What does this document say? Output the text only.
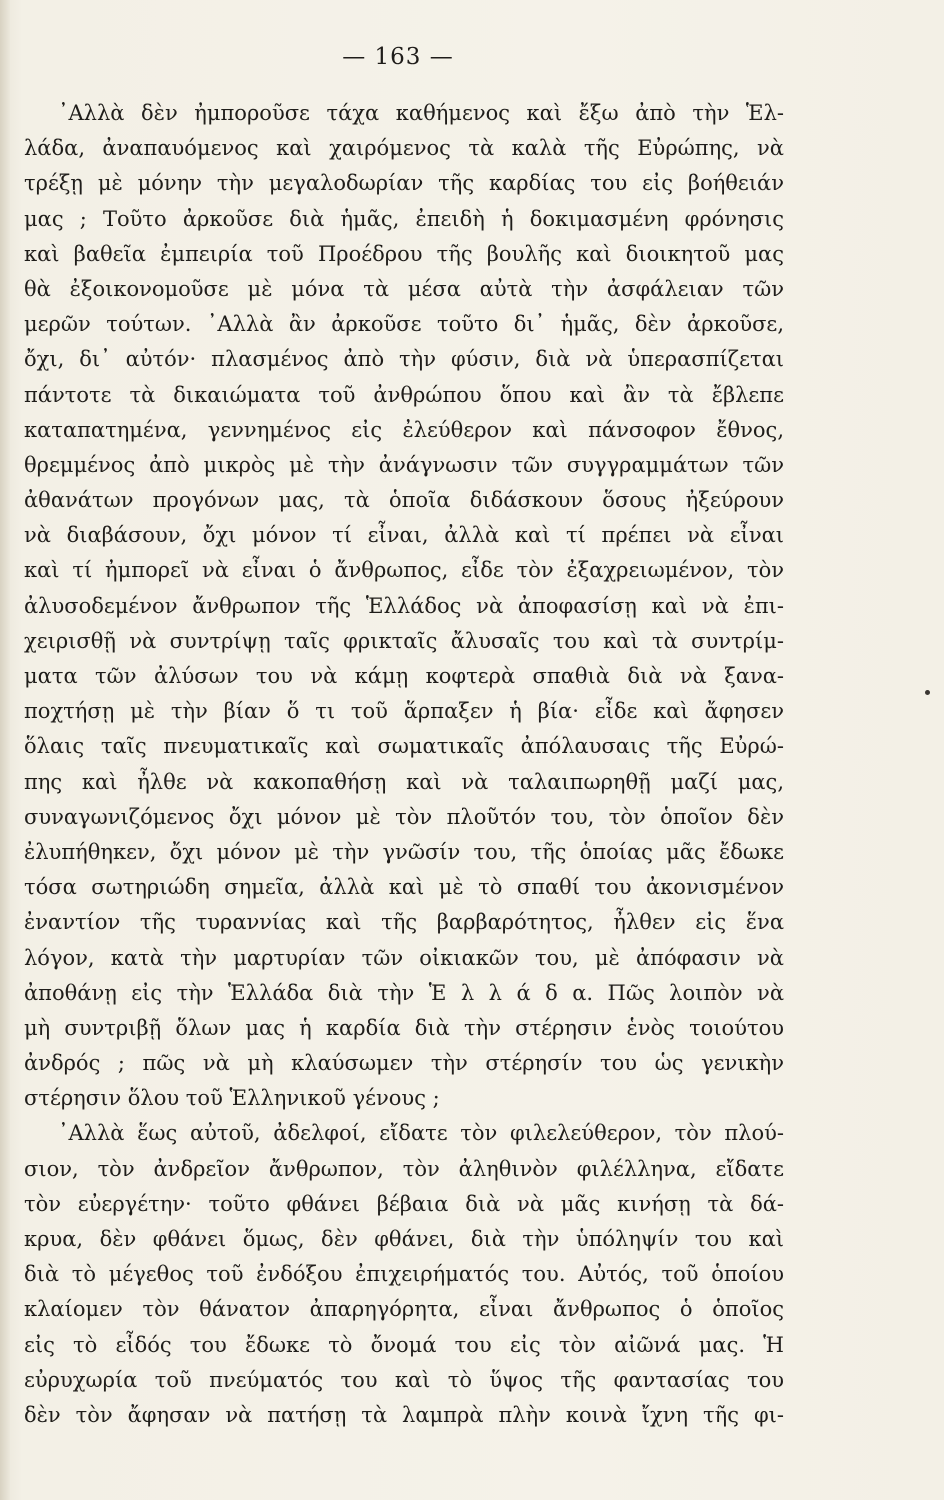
— 163 —
᾿Αλλὰ δὲν ἠμποροῦσε τάχα καθήμενος καὶ ἔξω ἀπὸ τὴν Ἑλ-
λάδα, ἀναπαυόμενος καὶ χαιρόμενος τὰ καλὰ τῆς Εὐρώπης, νὰ
τρέξῃ μὲ μόνην τὴν μεγαλοδωρίαν τῆς καρδίας του εἰς βοήθειάν
μας ; Τοῦτο ἀρκοῦσε διὰ ἡμᾶς, ἐπειδὴ ἡ δοκιμασμένη φρόνησις
καὶ βαθεῖα ἐμπειρία τοῦ Προέδρου τῆς βουλῆς καὶ διοικητοῦ μας
θὰ ἐξοικονομοῦσε μὲ μόνα τὰ μέσα αὐτὰ τὴν ἀσφάλειαν τῶν
μερῶν τούτων. ᾿Αλλὰ ἂν ἀρκοῦσε τοῦτο δι᾿ ἡμᾶς, δὲν ἀρκοῦσε,
ὄχι, δι᾿ αὐτόν· πλασμένος ἀπὸ τὴν φύσιν, διὰ νὰ ὑπερασπίζεται
πάντοτε τὰ δικαιώματα τοῦ ἀνθρώπου ὅπου καὶ ἂν τὰ ἔβλεπε
καταπατημένα, γεννημένος εἰς ἐλεύθερον καὶ πάνσοφον ἔθνος,
θρεμμένος ἀπὸ μικρὸς μὲ τὴν ἀνάγνωσιν τῶν συγγραμμάτων τῶν
ἀθανάτων προγόνων μας, τὰ ὁποῖα διδάσκουν ὅσους ἠξεύρουν
νὰ διαβάσουν, ὄχι μόνον τί εἶναι, ἀλλὰ καὶ τί πρέπει νὰ εἶναι
καὶ τί ἠμπορεῖ νὰ εἶναι ὁ ἄνθρωπος, εἶδε τὸν ἐξαχρειωμένον, τὸν
ἀλυσοδεμένον ἄνθρωπον τῆς Ἑλλάδος νὰ ἀποφασίσῃ καὶ νὰ ἐπι-
χειρισθῇ νὰ συντρίψῃ ταῖς φρικταῖς ἄλυσαῖς του καὶ τὰ συντρίμ-
ματα τῶν ἀλύσων του νὰ κάμῃ κοφτερὰ σπαθιὰ διὰ νὰ ξανα-
ποχτήσῃ μὲ τὴν βίαν ὅ τι τοῦ ἅρπαξεν ἡ βία· εἶδε καὶ ἄφησεν
ὅλαις ταῖς πνευματικαῖς καὶ σωματικαῖς ἀπόλαυσαις τῆς Εὐρώ-
πης καὶ ἦλθε νὰ κακοπαθήσῃ καὶ νὰ ταλαιπωρηθῇ μαζί μας,
συναγωνιζόμενος ὄχι μόνον μὲ τὸν πλοῦτόν του, τὸν ὁποῖον δὲν
ἐλυπήθηκεν, ὄχι μόνον μὲ τὴν γνῶσίν του, τῆς ὁποίας μᾶς ἔδωκε
τόσα σωτηριώδη σημεῖα, ἀλλὰ καὶ μὲ τὸ σπαθί του ἀκονισμένον
ἐναντίον τῆς τυραννίας καὶ τῆς βαρβαρότητος, ἦλθεν εἰς ἕνα
λόγον, κατὰ τὴν μαρτυρίαν τῶν οἰκιακῶν του, μὲ ἀπόφασιν νὰ
ἀποθάνῃ εἰς τὴν Ἑλλάδα διὰ τὴν Ἑ λ λ ά δ α. Πῶς λοιπὸν νὰ
μὴ συντριβῇ ὅλων μας ἡ καρδία διὰ τὴν στέρησιν ἑνὸς τοιούτου
ἀνδρός ; πῶς νὰ μὴ κλαύσωμεν τὴν στέρησίν του ὡς γενικὴν
στέρησιν ὅλου τοῦ Ἑλληνικοῦ γένους ;
᾿Αλλὰ ἕως αὐτοῦ, ἀδελφοί, εἴδατε τὸν φιλελεύθερον, τὸν πλού-
σιον, τὸν ἀνδρεῖον ἄνθρωπον, τὸν ἀληθινὸν φιλέλληνα, εἴδατε
τὸν εὐεργέτην· τοῦτο φθάνει βέβαια διὰ νὰ μᾶς κινήσῃ τὰ δά-
κρυα, δὲν φθάνει ὅμως, δὲν φθάνει, διὰ τὴν ὑπόληψίν του καὶ
διὰ τὸ μέγεθος τοῦ ἐνδόξου ἐπιχειρήματός του. Αὐτός, τοῦ ὁποίου
κλαίομεν τὸν θάνατον ἀπαρηγόρητα, εἶναι ἄνθρωπος ὁ ὁποῖος
εἰς τὸ εἶδός του ἔδωκε τὸ ὄνομά του εἰς τὸν αἰῶνά μας. Ἡ
εὐρυχωρία τοῦ πνεύματός του καὶ τὸ ὕψος τῆς φαντασίας του
δὲν τὸν ἄφησαν νὰ πατήσῃ τὰ λαμπρὰ πλὴν κοινὰ ἴχνη τῆς φι-
